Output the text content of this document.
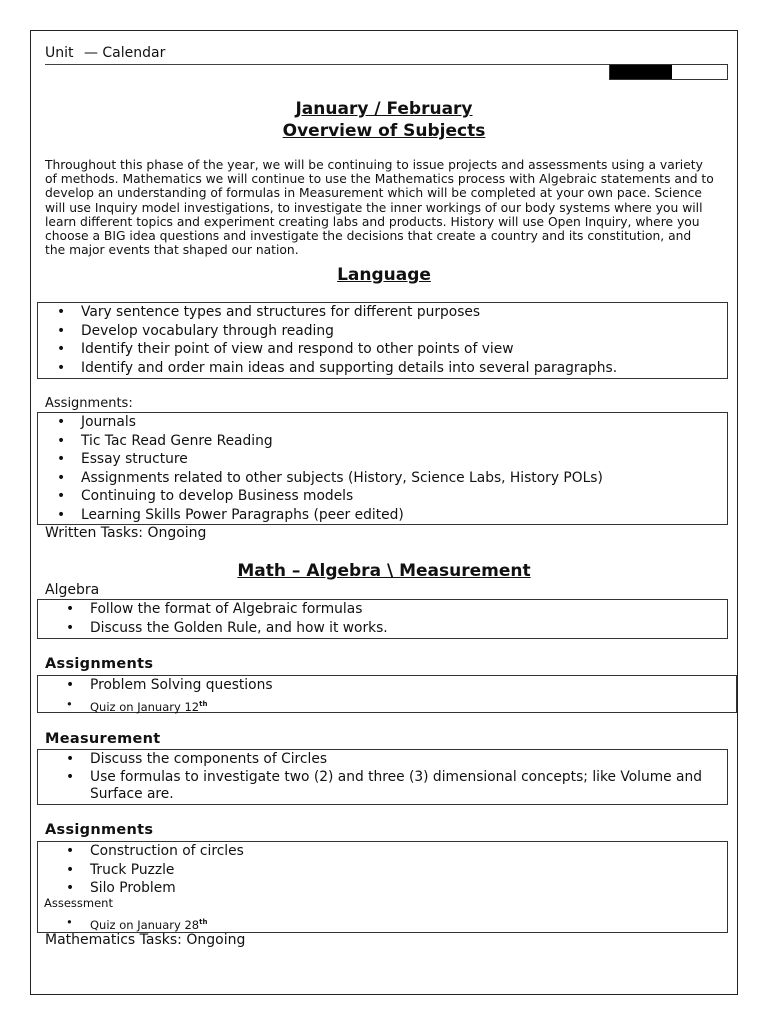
Unit — Calendar
January / February
Overview of Subjects

Throughout this phase of the year, we will be continuing to issue projects and assessments using a variety
of methods. Mathematics we will continue to use the Mathematics process with Algebraic statements and to
develop an understanding of formulas in Measurement which will be completed at your own pace. Science
will use Inquiry model investigations, to investigate the inner workings of our body systems where you will
learn different topics and experiment creating labs and products. History will use Open Inquiry, where you
choose a BIG idea questions and investigate the decisions that create a country and its constitution, and
the major events that shaped our nation.

Language
• Vary sentence types and structures for different purposes
• Develop vocabulary through reading
• Identify their point of view and respond to other points of view
• Identify and order main ideas and supporting details into several paragraphs.
Assignments:
• Journals
• Tic Tac Read Genre Reading
• Essay structure
• Assignments related to other subjects (History, Science Labs, History POLs)
• Continuing to develop Business models
• Learning Skills Power Paragraphs (peer edited)
Written Tasks: Ongoing
Math – Algebra \ Measurement
Algebra
• Follow the format of Algebraic formulas
• Discuss the Golden Rule, and how it works.
Assignments
• Problem Solving questions
• Quiz on January 12th
Measurement
• Discuss the components of Circles
• Use formulas to investigate two (2) and three (3) dimensional concepts; like Volume and Surface are.
Assignments
• Construction of circles
• Truck Puzzle
• Silo Problem
Assessment
• Quiz on January 28th
Mathematics Tasks: Ongoing
